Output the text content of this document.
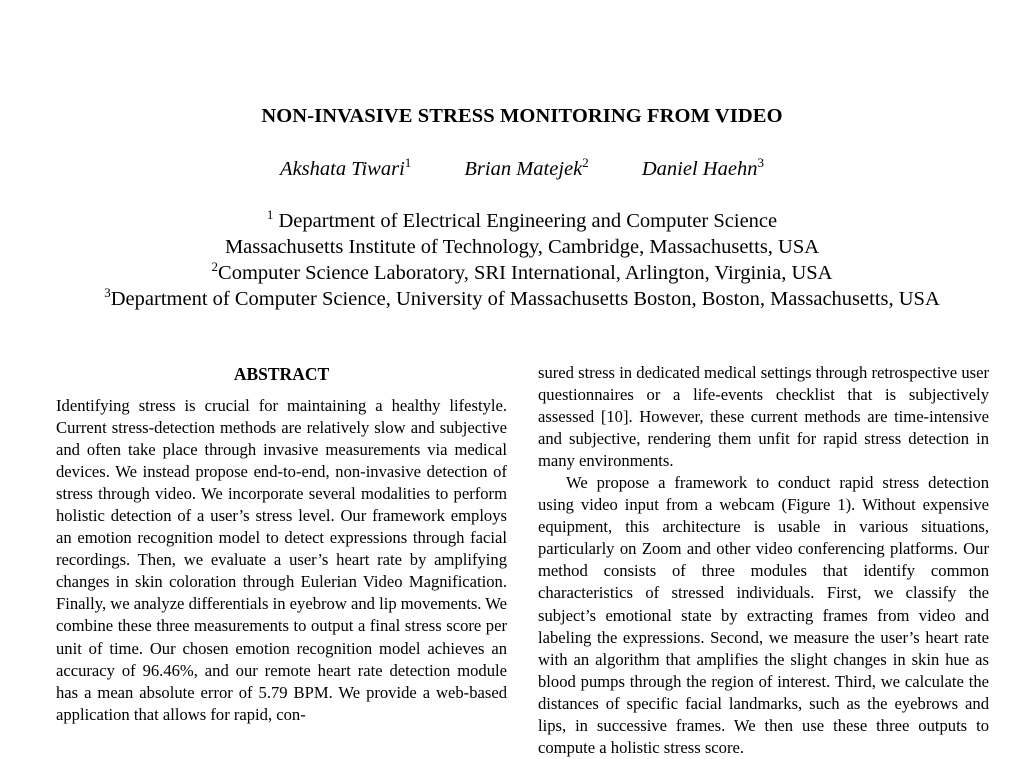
NON-INVASIVE STRESS MONITORING FROM VIDEO
Akshata Tiwari$^1$	Brian Matejek$^2$	Daniel Haehn$^3$
$^1$ Department of Electrical Engineering and Computer Science
Massachusetts Institute of Technology, Cambridge, Massachusetts, USA
$^2$Computer Science Laboratory, SRI International, Arlington, Virginia, USA
$^3$Department of Computer Science, University of Massachusetts Boston, Boston, Massachusetts, USA
ABSTRACT

Identifying stress is crucial for maintaining a healthy lifestyle. Current stress-detection methods are relatively slow and subjective and often take place through invasive measurements via medical devices. We instead propose end-to-end, non-invasive detection of stress through video. We incorporate several modalities to perform holistic detection of a user’s stress level. Our framework employs an emotion recognition model to detect expressions through facial recordings. Then, we evaluate a user’s heart rate by amplifying changes in skin coloration through Eulerian Video Magnification. Finally, we analyze differentials in eyebrow and lip movements. We combine these three measurements to output a final stress score per unit of time. Our chosen emotion recognition model achieves an accuracy of 96.46%, and our remote heart rate detection module has a mean absolute error of 5.79 BPM. We provide a web-based application that allows for rapid, con-

sured stress in dedicated medical settings through retrospective user questionnaires or a life-events checklist that is subjectively assessed [10]. However, these current methods are time-intensive and subjective, rendering them unfit for rapid stress detection in many environments.

We propose a framework to conduct rapid stress detection using video input from a webcam (Figure 1). Without expensive equipment, this architecture is usable in various situations, particularly on Zoom and other video conferencing platforms. Our method consists of three modules that identify common characteristics of stressed individuals. First, we classify the subject’s emotional state by extracting frames from video and labeling the expressions. Second, we measure the user’s heart rate with an algorithm that amplifies the slight changes in skin hue as blood pumps through the region of interest. Third, we calculate the distances of specific facial landmarks, such as the eyebrows and lips, in successive frames. We then use these three outputs to compute a holistic stress score.
